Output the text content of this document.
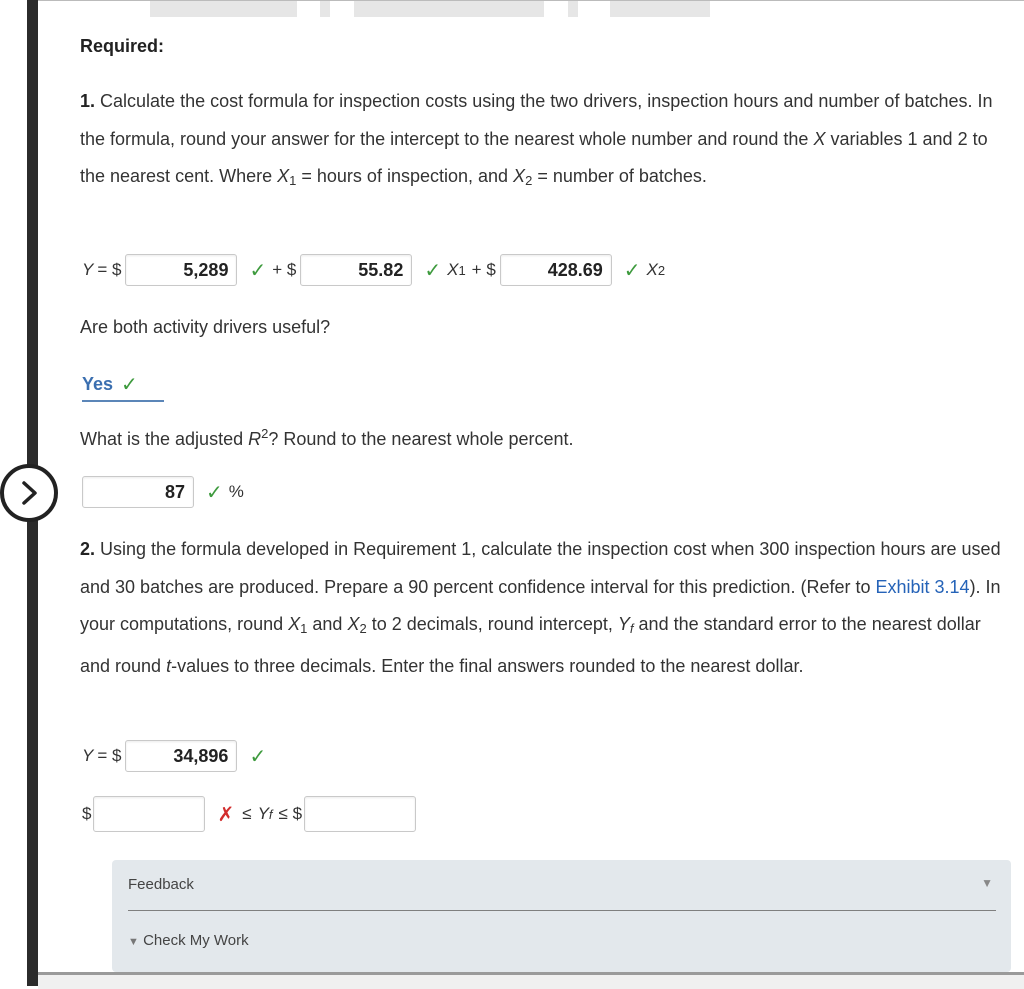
Required:
1. Calculate the cost formula for inspection costs using the two drivers, inspection hours and number of batches. In the formula, round your answer for the intercept to the nearest whole number and round the X variables 1 and 2 to the nearest cent. Where $X_1$ = hours of inspection, and $X_2$ = number of batches.
Y = $	5,289	✓ + $	55.82	✓ X 1 + $	428.69	✓ X 2
Are both activity drivers useful?
Yes ✓
What is the adjusted $R^2$? Round to the nearest whole percent.
87	✓ %
2. Using the formula developed in Requirement 1, calculate the inspection cost when 300 inspection hours are used and 30 batches are produced. Prepare a 90 percent confidence interval for this prediction. (Refer to Exhibit 3.14). In your computations, round $X_1$ and $X_2$ to 2 decimals, round intercept, $Y_f$ and the standard error to the nearest dollar and round t-values to three decimals. Enter the final answers rounded to the nearest dollar.
Y = $	34,896	✓
$	✗ ≤ Y f ≤ $
Feedback	▼
▼ Check My Work
